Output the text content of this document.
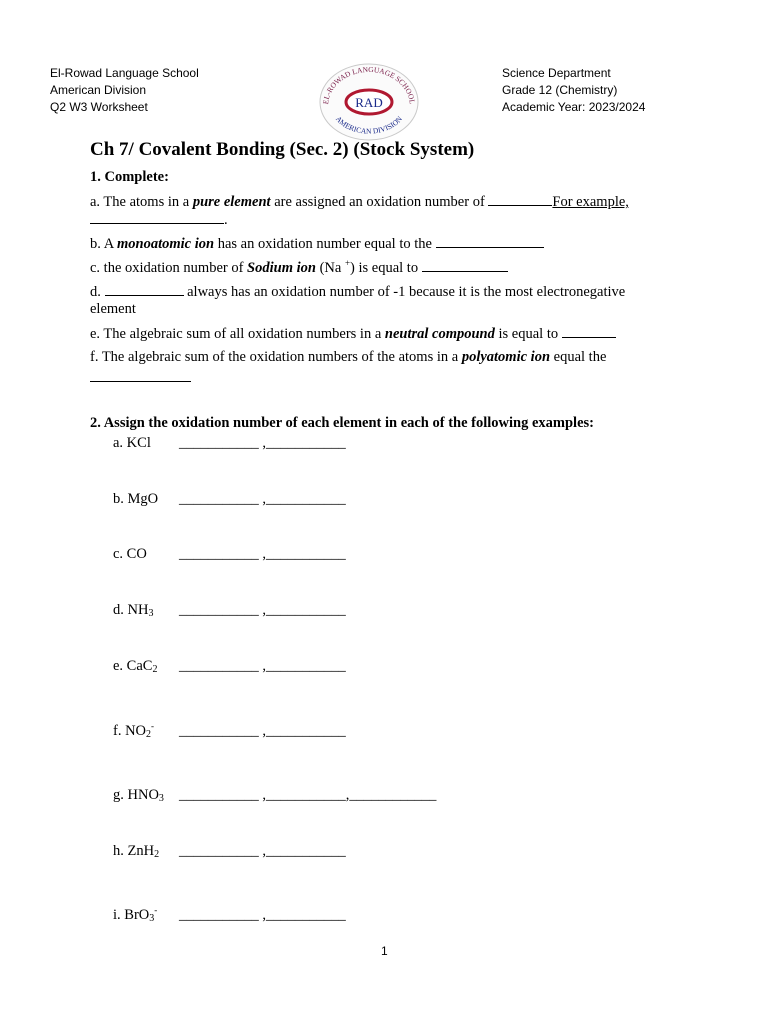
El-Rowad Language School
American Division
Q2 W3 Worksheet	EL-ROWAD LANGUAGE SCHOOL
RAD
AMERICAN DIVISION
Science Department
Grade 12 (Chemistry)
Academic Year: 2023/2024
Ch 7/ Covalent Bonding (Sec. 2) (Stock System)
1. Complete:
a. The atoms in a pure element are assigned an oxidation number of	For example,
.
b. A monoatomic ion has an oxidation number equal to the
c. the oxidation number of Sodium ion (Na +) is equal to
d.	always has an oxidation number of -1 because it is the most electronegative
element
e. The algebraic sum of all oxidation numbers in a neutral compound is equal to
f. The algebraic sum of the oxidation numbers of the atoms in a polyatomic ion equal the
2. Assign the oxidation number of each element in each of the following examples:
a. KCl ___________ ,___________
b. MgO ___________ ,___________
c. CO ___________ ,___________
d. $NH_3$ ___________ ,___________
e. CaC$_2$ ___________ ,___________
f. $NO_2^-$ ___________ ,___________
g. $HNO_3$ ___________ ,___________,____________
h. ZnH$_2$ ___________ ,___________
i. BrO$_3$- ___________ ,___________
1
